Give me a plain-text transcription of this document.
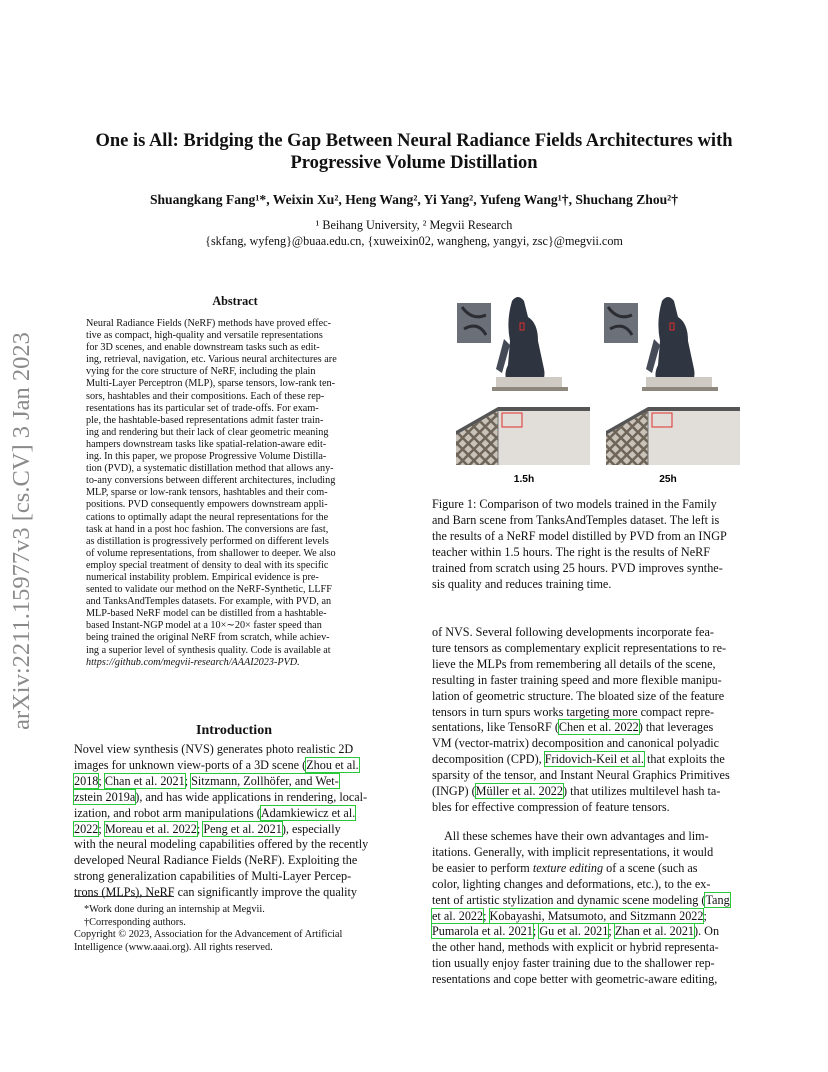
One is All: Bridging the Gap Between Neural Radiance Fields Architectures with
Progressive Volume Distillation
Shuangkang Fang¹*, Weixin Xu², Heng Wang², Yi Yang², Yufeng Wang¹†, Shuchang Zhou²†
¹ Beihang University, ² Megvii Research
{skfang, wyfeng}@buaa.edu.cn, {xuweixin02, wangheng, yangyi, zsc}@megvii.com
arXiv:2211.15977v3 [cs.CV] 3 Jan 2023
Abstract
Neural Radiance Fields (NeRF) methods have proved effec-
tive as compact, high-quality and versatile representations
for 3D scenes, and enable downstream tasks such as edit-
ing, retrieval, navigation, etc. Various neural architectures are
vying for the core structure of NeRF, including the plain
Multi-Layer Perceptron (MLP), sparse tensors, low-rank ten-
sors, hashtables and their compositions. Each of these rep-
resentations has its particular set of trade-offs. For exam-
ple, the hashtable-based representations admit faster train-
ing and rendering but their lack of clear geometric meaning
hampers downstream tasks like spatial-relation-aware edit-
ing. In this paper, we propose Progressive Volume Distilla-
tion (PVD), a systematic distillation method that allows any-
to-any conversions between different architectures, including
MLP, sparse or low-rank tensors, hashtables and their com-
positions. PVD consequently empowers downstream appli-
cations to optimally adapt the neural representations for the
task at hand in a post hoc fashion. The conversions are fast,
as distillation is progressively performed on different levels
of volume representations, from shallower to deeper. We also
employ special treatment of density to deal with its specific
numerical instability problem. Empirical evidence is pre-
sented to validate our method on the NeRF-Synthetic, LLFF
and TanksAndTemples datasets. For example, with PVD, an
MLP-based NeRF model can be distilled from a hashtable-
based Instant-NGP model at a 10×∼20× faster speed than
being trained the original NeRF from scratch, while achiev-
ing a superior level of synthesis quality. Code is available at
https://github.com/megvii-research/AAAI2023-PVD.
Introduction
Novel view synthesis (NVS) generates photo realistic 2D
images for unknown view-ports of a 3D scene (Zhou et al.
2018; Chan et al. 2021; Sitzmann, Zollhöfer, and Wet-
zstein 2019a), and has wide applications in rendering, local-
ization, and robot arm manipulations (Adamkiewicz et al.
2022; Moreau et al. 2022; Peng et al. 2021), especially
with the neural modeling capabilities offered by the recently
developed Neural Radiance Fields (NeRF). Exploiting the
strong generalization capabilities of Multi-Layer Percep-
trons (MLPs), NeRF can significantly improve the quality
*Work done during an internship at Megvii.
†Corresponding authors.
Copyright © 2023, Association for the Advancement of Artificial
Intelligence (www.aaai.org). All rights reserved.
1.5h	25h
Figure 1: Comparison of two models trained in the Family
and Barn scene from TanksAndTemples dataset. The left is
the results of a NeRF model distilled by PVD from an INGP
teacher within 1.5 hours. The right is the results of NeRF
trained from scratch using 25 hours. PVD improves synthe-
sis quality and reduces training time.
of NVS. Several following developments incorporate fea-
ture tensors as complementary explicit representations to re-
lieve the MLPs from remembering all details of the scene,
resulting in faster training speed and more flexible manipu-
lation of geometric structure. The bloated size of the feature
tensors in turn spurs works targeting more compact repre-
sentations, like TensoRF (Chen et al. 2022) that leverages
VM (vector-matrix) decomposition and canonical polyadic
decomposition (CPD), Fridovich-Keil et al. that exploits the
sparsity of the tensor, and Instant Neural Graphics Primitives
(INGP) (Müller et al. 2022) that utilizes multilevel hash ta-
bles for effective compression of feature tensors.
All these schemes have their own advantages and lim-
itations. Generally, with implicit representations, it would
be easier to perform texture editing of a scene (such as
color, lighting changes and deformations, etc.), to the ex-
tent of artistic stylization and dynamic scene modeling (Tang
et al. 2022; Kobayashi, Matsumoto, and Sitzmann 2022;
Pumarola et al. 2021; Gu et al. 2021; Zhan et al. 2021). On
the other hand, methods with explicit or hybrid representa-
tion usually enjoy faster training due to the shallower rep-
resentations and cope better with geometric-aware editing,
